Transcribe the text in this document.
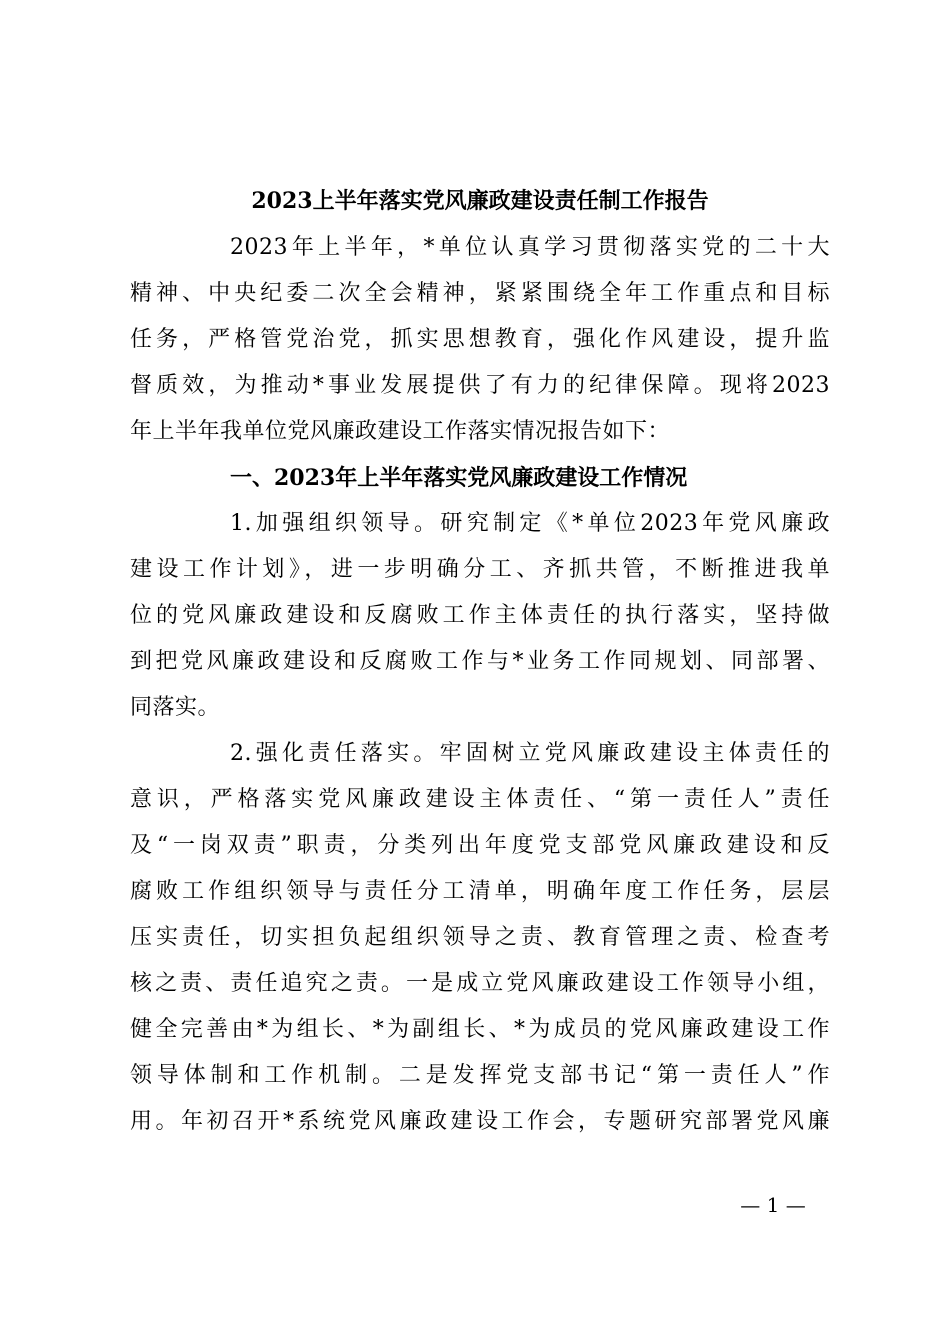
2023上半年落实党风廉政建设责任制工作报告
2023年上半年，*单位认真学习贯彻落实党的二十大
精神、中央纪委二次全会精神，紧紧围绕全年工作重点和目标
任务，严格管党治党，抓实思想教育，强化作风建设，提升监
督质效，为推动*事业发展提供了有力的纪律保障。现将2023
年上半年我单位党风廉政建设工作落实情况报告如下：
一、2023年上半年落实党风廉政建设工作情况
1.加强组织领导。研究制定《*单位2023年党风廉政
建设工作计划》，进一步明确分工、齐抓共管，不断推进我单
位的党风廉政建设和反腐败工作主体责任的执行落实，坚持做
到把党风廉政建设和反腐败工作与*业务工作同规划、同部署、
同落实。
2.强化责任落实。牢固树立党风廉政建设主体责任的
意识，严格落实党风廉政建设主体责任、“第一责任人”责任
及“一岗双责”职责，分类列出年度党支部党风廉政建设和反
腐败工作组织领导与责任分工清单，明确年度工作任务，层层
压实责任，切实担负起组织领导之责、教育管理之责、检查考
核之责、责任追究之责。一是成立党风廉政建设工作领导小组，
健全完善由*为组长、*为副组长、*为成员的党风廉政建设工作
领导体制和工作机制。二是发挥党支部书记“第一责任人”作
用。年初召开*系统党风廉政建设工作会，专题研究部署党风廉
— 1 —
